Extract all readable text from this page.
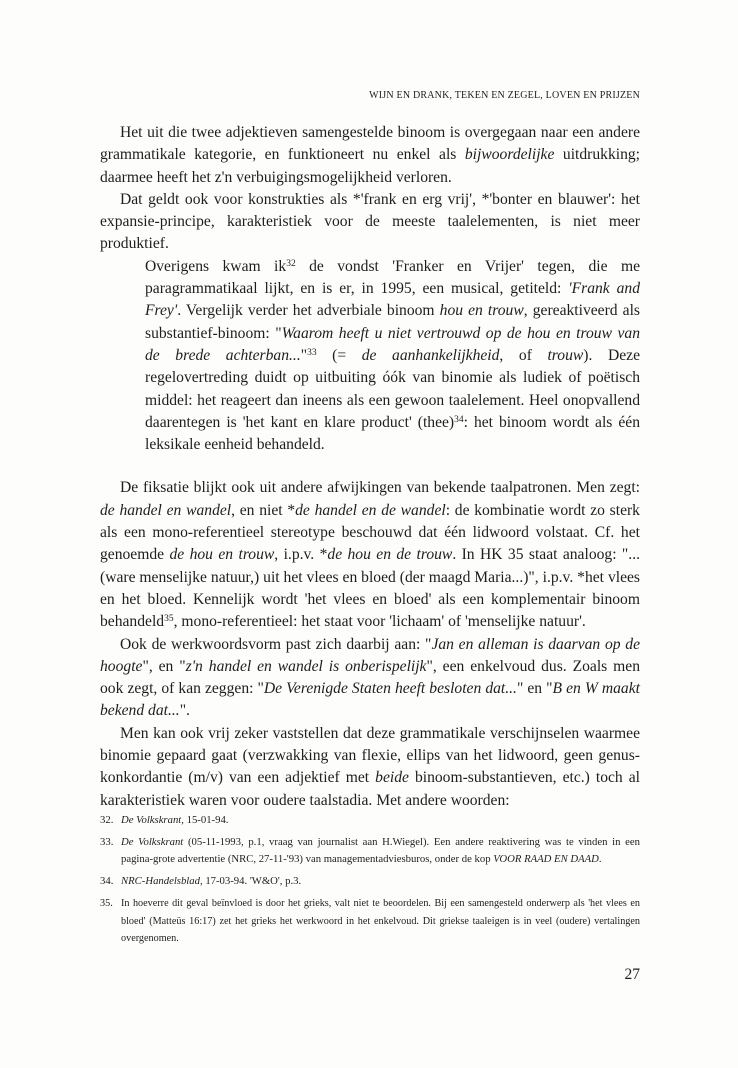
WIJN EN DRANK, TEKEN EN ZEGEL, LOVEN EN PRIJZEN

Het uit die twee adjektieven samengestelde binoom is overgegaan naar een andere grammatikale kategorie, en funktioneert nu enkel als bijwoordelijke uitdrukking; daarmee heeft het z'n verbuigingsmogelijkheid verloren.

Dat geldt ook voor konstrukties als *'frank en erg vrij', *'bonter en blauwer': het expansie-principe, karakteristiek voor de meeste taalelementen, is niet meer produktief.

Overigens kwam $ik^{32}$ de vondst 'Franker en Vrijer' tegen, die me paragrammatikaal lijkt, en is er, in 1995, een musical, getiteld: 'Frank and Frey'. Vergelijk verder het adverbiale binoom hou en trouw, gereaktiveerd als substantief-binoom: "Waarom heeft u niet vertrouwd op de hou en trouw van de brede achterban..."$^{33}$ (= de aanhankelijkheid, of trouw). Deze regelovertreding duidt op uitbuiting óók van binomie als ludiek of poëtisch middel: het reageert dan ineens als een gewoon taalelement. Heel onopvallend daarentegen is 'het kant en klare product' (thee)$^{34}$: het binoom wordt als één leksikale eenheid behandeld.

De fiksatie blijkt ook uit andere afwijkingen van bekende taalpatronen. Men zegt: de handel en wandel, en niet *de handel en de wandel: de kombinatie wordt zo sterk als een mono-referentieel stereotype beschouwd dat één lidwoord volstaat. Cf. het genoemde de hou en trouw, i.p.v. *de hou en de trouw. In HK 35 staat analoog: "...(ware menselijke natuur,) uit het vlees en bloed (der maagd Maria...)", i.p.v. *het vlees en het bloed. Kennelijk wordt 'het vlees en bloed' als een komplementair binoom behandeld$^{35}$, mono-referentieel: het staat voor 'lichaam' of 'menselijke natuur'.

Ook de werkwoordsvorm past zich daarbij aan: "Jan en alleman is daarvan op de hoogte", en "z'n handel en wandel is onberispelijk", een enkelvoud dus. Zoals men ook zegt, of kan zeggen: "De Verenigde Staten heeft besloten dat..." en "B en W maakt bekend dat...".

Men kan ook vrij zeker vaststellen dat deze grammatikale verschijnselen waarmee binomie gepaard gaat (verzwakking van flexie, ellips van het lidwoord, geen genus-konkordantie (m/v) van een adjektief met beide binoom-substantieven, etc.) toch al karakteristiek waren voor oudere taalstadia. Met andere woorden:

32. De Volkskrant, 15-01-94.
33. De Volkskrant (05-11-1993, p.1, vraag van journalist aan H.Wiegel). Een andere reaktivering was te vinden in een pagina-grote advertentie (NRC, 27-11-'93) van managementadviesburos, onder de kop VOOR RAAD EN DAAD.
34. NRC-Handelsblad, 17-03-94. 'W&O', p.3.
35. In hoeverre dit geval beïnvloed is door het grieks, valt niet te beoordelen. Bij een samengesteld onderwerp als 'het vlees en bloed' (Matteüs 16:17) zet het grieks het werkwoord in het enkelvoud. Dit griekse taaleigen is in veel (oudere) vertalingen overgenomen.
27
